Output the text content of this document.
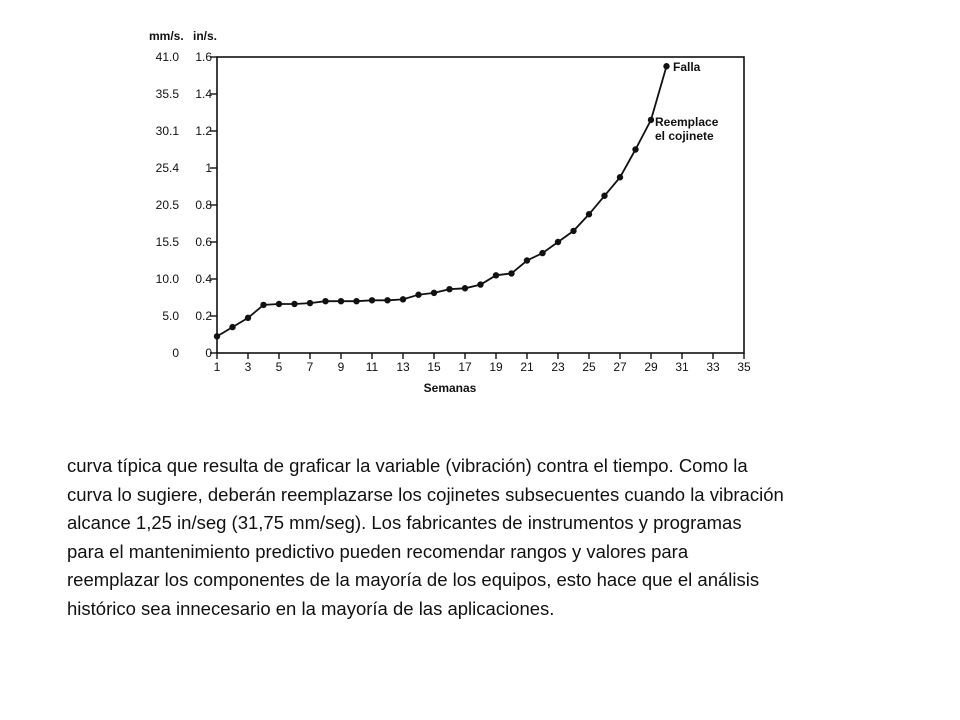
mm/s. in/s.
1 3 5 7 9 11 13 15 17 19 21 23 25 27 29 31 33 35
0
0
0.2
5.0
0.4
10.0
0.6
15.5
0.8
20.5
1
25.4
1.2
30.1
1.4
35.5
1.6
41.0
Falla
Reemplace
el cojinete
Semanas
curva típica que resulta de graficar la variable (vibración) contra el tiempo. Como la
curva lo sugiere, deberán reemplazarse los cojinetes subsecuentes cuando la vibración
alcance 1,25 in/seg (31,75 mm/seg). Los fabricantes de instrumentos y programas
para el mantenimiento predictivo pueden recomendar rangos y valores para
reemplazar los componentes de la mayoría de los equipos, esto hace que el análisis
histórico sea innecesario en la mayoría de las aplicaciones.
